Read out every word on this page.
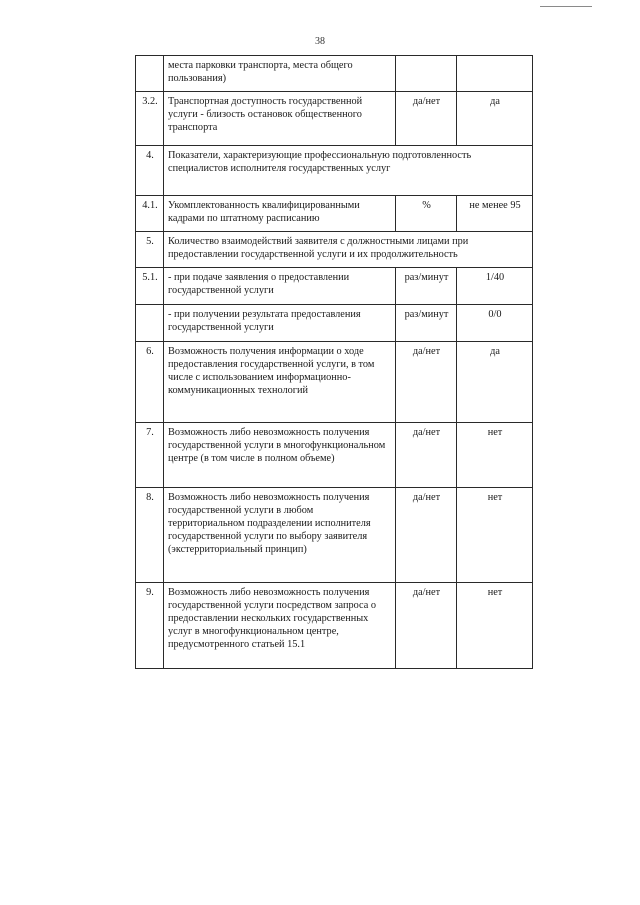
38
	места парковки транспорта, места общего пользования)		
3.2.	Транспортная доступность государственной услуги - близость остановок общественного транспорта	да/нет	да
4.	Показатели, характеризующие профессиональную подготовленность специалистов исполнителя государственных услуг		
4.1.	Укомплектованность квалифицированными кадрами по штатному расписанию	%	не менее 95
5.	Количество взаимодействий заявителя с должностными лицами при предоставлении государственной услуги и их продолжительность		
5.1.	- при подаче заявления о предоставлении государственной услуги	раз/минут	1/40
	- при получении результата предоставления государственной услуги	раз/минут	0/0
6.	Возможность получения информации о ходе предоставления государственной услуги, в том числе с использованием информационно-коммуникационных технологий	да/нет	да
7.	Возможность либо невозможность получения государственной услуги в многофункциональном центре (в том числе в полном объеме)	да/нет	нет
8.	Возможность либо невозможность получения государственной услуги в любом территориальном подразделении исполнителя государственной услуги по выбору заявителя (экстерриториальный принцип)	да/нет	нет
9.	Возможность либо невозможность получения государственной услуги посредством запроса о предоставлении нескольких государственных услуг в многофункциональном центре, предусмотренного статьей 15.1	да/нет	нет
